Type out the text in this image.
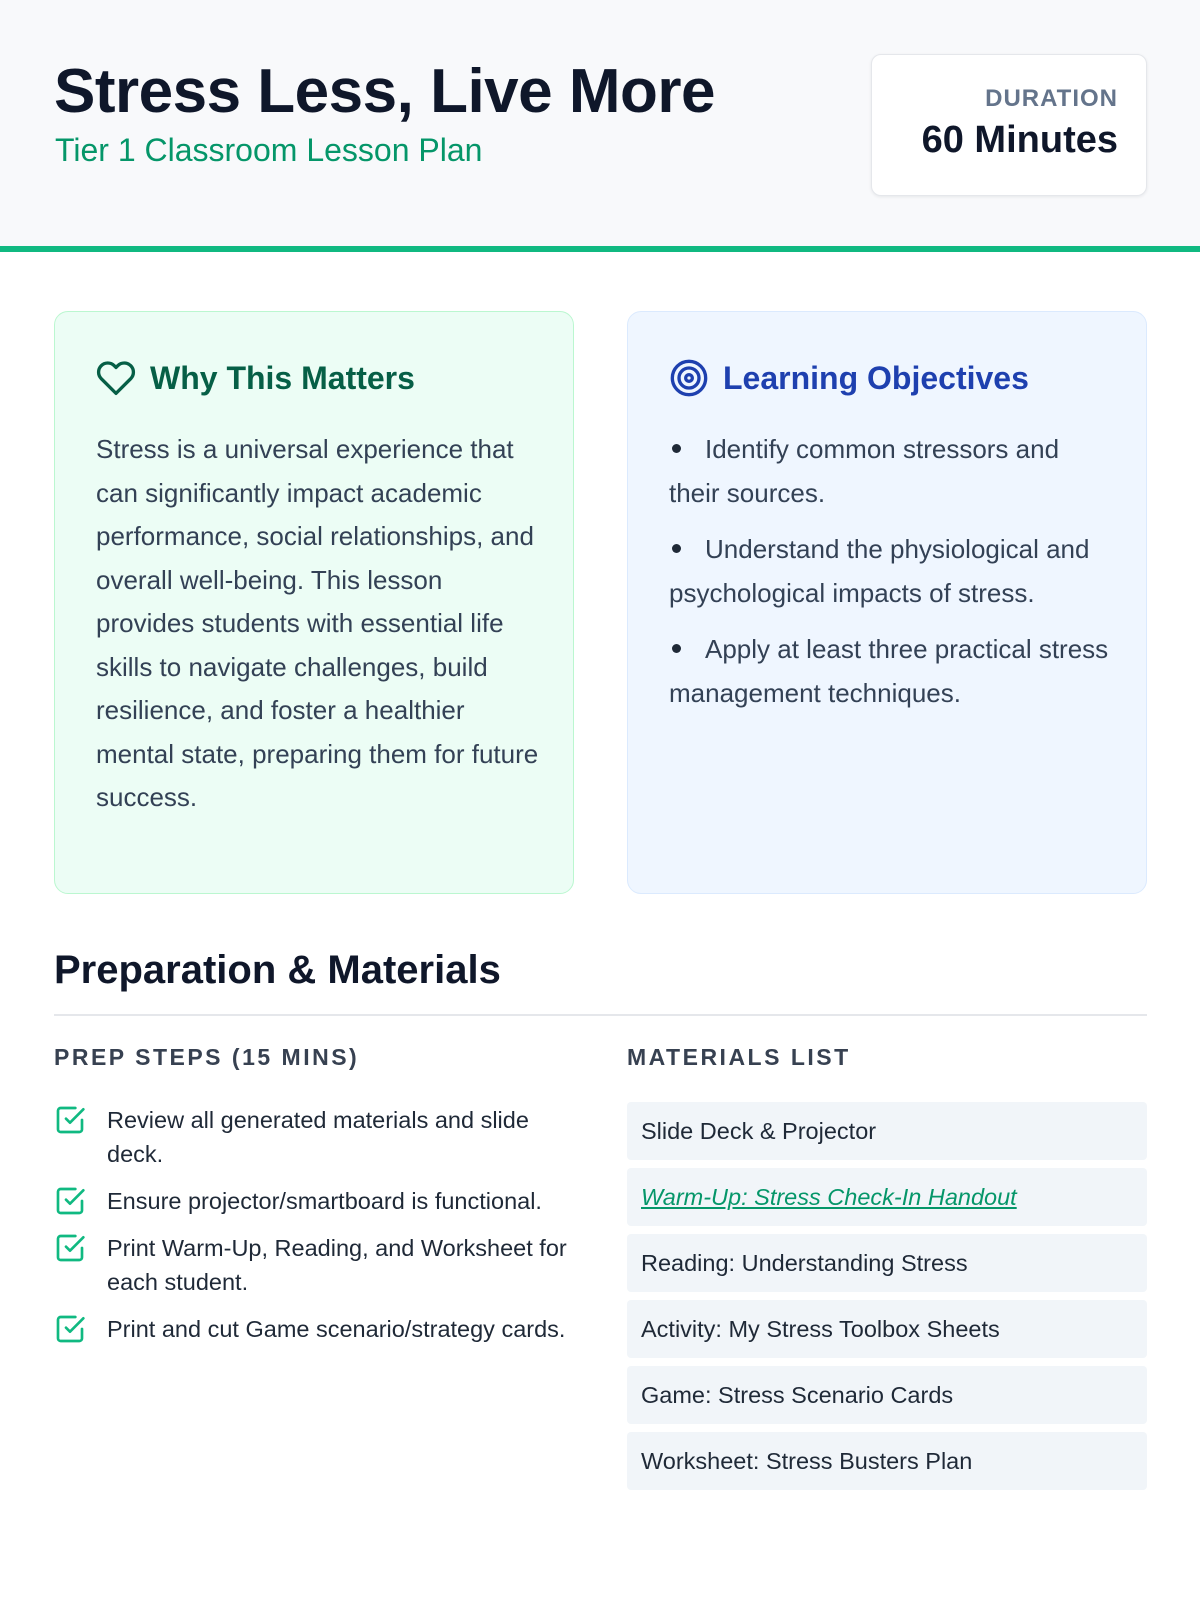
Stress Less, Live More
Tier 1 Classroom Lesson Plan
DURATION
60 Minutes
Why This Matters

Stress is a universal experience that can significantly impact academic performance, social relationships, and overall well-being. This lesson provides students with essential life skills to navigate challenges, build resilience, and foster a healthier mental state, preparing them for future success.

Learning Objectives
Identify common stressors and their sources.
Understand the physiological and psychological impacts of stress.
Apply at least three practical stress management techniques.
Preparation & Materials
PREP STEPS (15 MINS)	MATERIALS LIST
Review all generated materials and slide deck.
Ensure projector/smartboard is functional.
Print Warm-Up, Reading, and Worksheet for each student.
Print and cut Game scenario/strategy cards.
Slide Deck & Projector
Warm-Up: Stress Check-In Handout
Reading: Understanding Stress
Activity: My Stress Toolbox Sheets
Game: Stress Scenario Cards
Worksheet: Stress Busters Plan
